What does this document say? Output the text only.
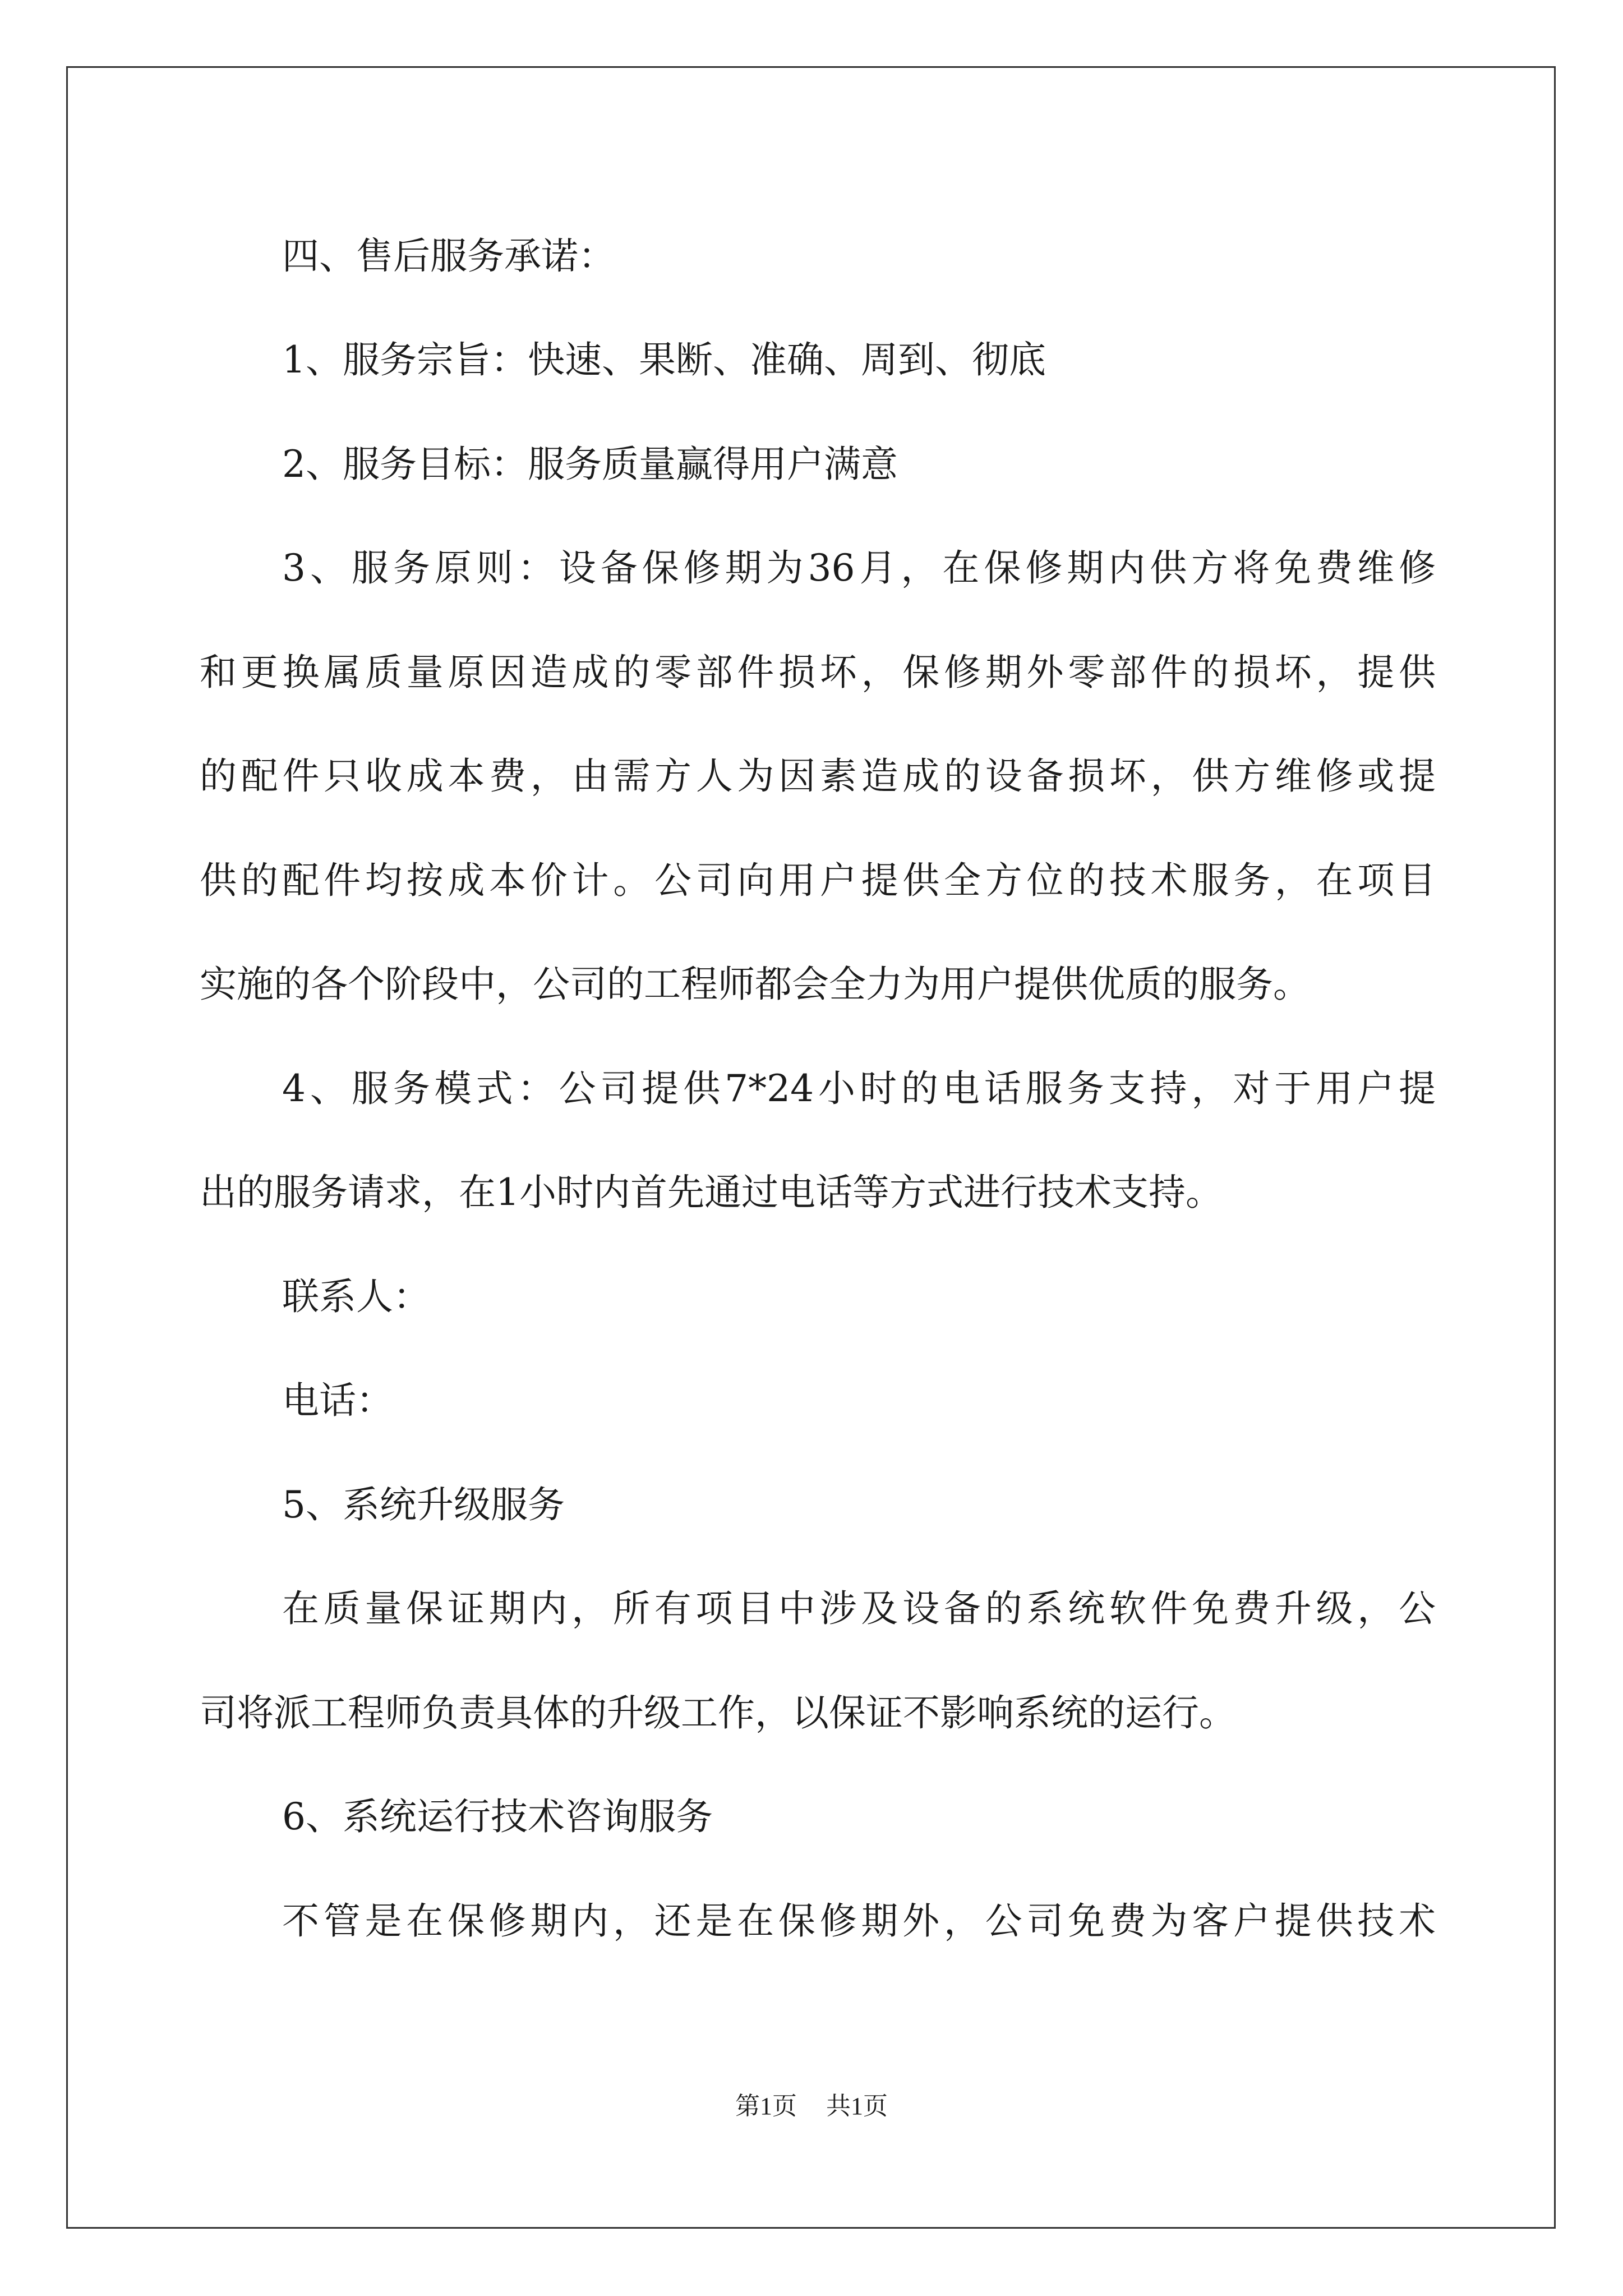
四、售后服务承诺：
1、服务宗旨：快速、果断、准确、周到、彻底
2、服务目标：服务质量赢得用户满意
3、服务原则：设备保修期为36月，在保修期内供方将免费维修
和更换属质量原因造成的零部件损坏，保修期外零部件的损坏，提供
的配件只收成本费，由需方人为因素造成的设备损坏，供方维修或提
供的配件均按成本价计。公司向用户提供全方位的技术服务，在项目
实施的各个阶段中，公司的工程师都会全力为用户提供优质的服务。
4、服务模式：公司提供7*24小时的电话服务支持，对于用户提
出的服务请求，在1小时内首先通过电话等方式进行技术支持。
联系人：
电话：
5、系统升级服务
在质量保证期内，所有项目中涉及设备的系统软件免费升级，公
司将派工程师负责具体的升级工作，以保证不影响系统的运行。
6、系统运行技术咨询服务
不管是在保修期内，还是在保修期外，公司免费为客户提供技术
第1页 共1页
